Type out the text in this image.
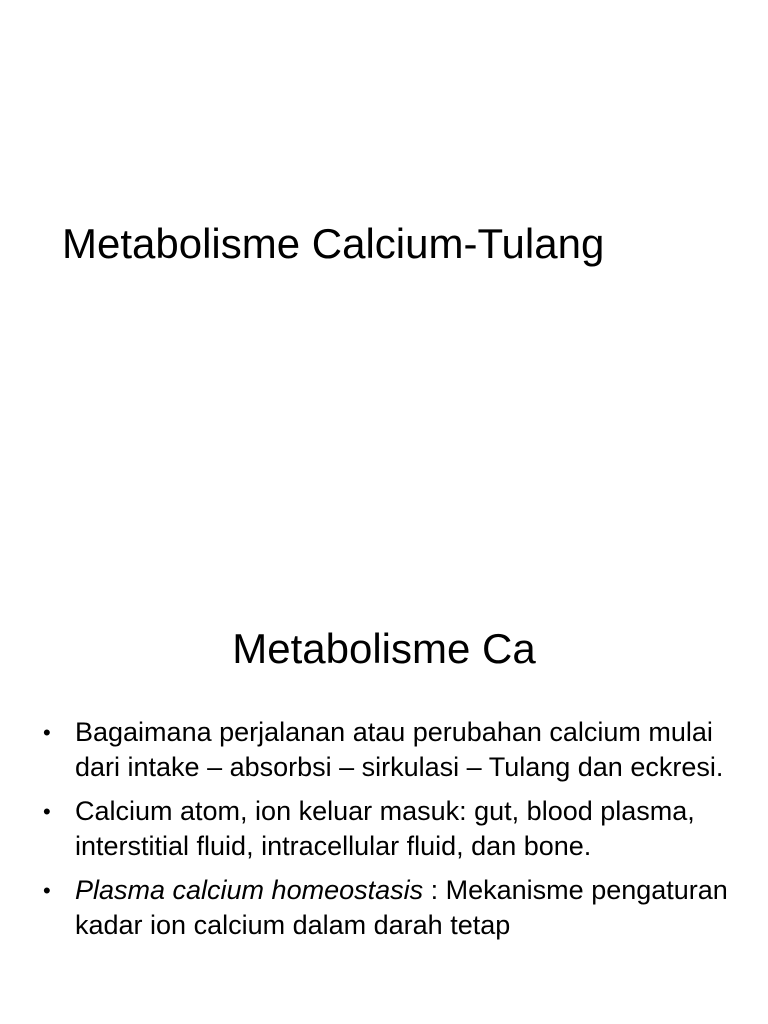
Metabolisme Calcium-Tulang
Metabolisme Ca
• Bagaimana perjalanan atau perubahan calcium mulai dari intake – absorbsi – sirkulasi – Tulang dan eckresi.
• Calcium atom, ion keluar masuk: gut, blood plasma, interstitial fluid, intracellular fluid, dan bone.
• Plasma calcium homeostasis : Mekanisme pengaturan kadar ion calcium dalam darah tetap
